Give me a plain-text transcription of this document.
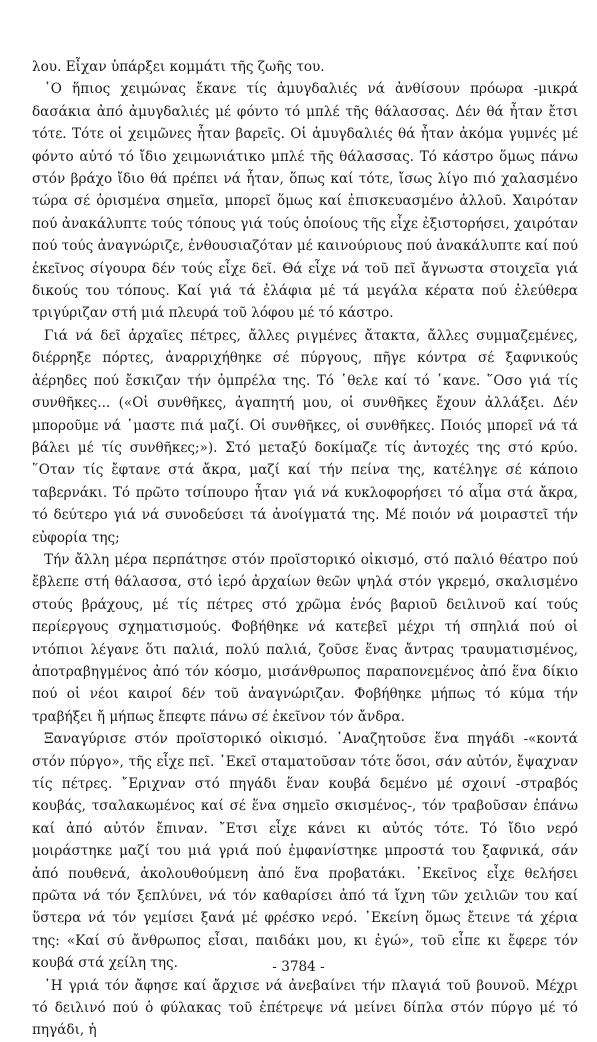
λου. Εἶχαν ὑπάρξει κομμάτι τῆς ζωῆς του.

῾Ο ἥπιος χειμώνας ἔκανε τίς ἀμυγδαλιές νά ἀνθίσουν πρόωρα -μικρά δασάκια ἀπό ἀμυγδαλιές μέ φόντο τό μπλέ τῆς θάλασσας. Δέν θά ἦταν ἔτσι τότε. Τότε οἱ χειμῶνες ἦταν βαρεῖς. Οἱ ἀμυγδαλιές θά ἦταν ἀκόμα γυμνές μέ φόντο αὐτό τό ἴδιο χειμωνιάτικο μπλέ τῆς θάλασσας. Τό κάστρο ὅμως πάνω στόν βράχο ἴδιο θά πρέπει νά ἦταν, ὅπως καί τότε, ἴσως λίγο πιό χαλασμένο τώρα σέ ὁρισμένα σημεῖα, μπορεῖ ὅμως καί ἐπισκευασμένο ἀλλοῦ. Χαιρόταν πού ἀνακάλυπτε τούς τόπους γιά τούς ὁποίους τῆς εἶχε ἐξιστορήσει, χαιρόταν πού τούς ἀναγνώριζε, ἐνθουσιαζόταν μέ καινούριους πού ἀνακάλυπτε καί πού ἐκεῖνος σίγουρα δέν τούς εἶχε δεῖ. Θά εἶχε νά τοῦ πεῖ ἄγνωστα στοιχεῖα γιά δικούς του τόπους. Καί γιά τά ἐλάφια μέ τά μεγάλα κέρατα πού ἐλεύθερα τριγύριζαν στή μιά πλευρά τοῦ λόφου μέ τό κάστρο.

Γιά νά δεῖ ἀρχαῖες πέτρες, ἄλλες ριγμένες ἄτακτα, ἄλλες συμμαζεμένες, διέρρηξε πόρτες, ἀναρριχήθηκε σέ πύργους, πῆγε κόντρα σέ ξαφνικούς ἀέρηδες πού ἔσκιζαν τήν ὀμπρέλα της. Τό ῾θελε καί τό ῾κανε. ῞Οσο γιά τίς συνθῆκες... («Οἱ συνθῆκες, ἀγαπητή μου, οἱ συνθῆκες ἔχουν ἀλλάξει. Δέν μποροῦμε νά ῾μαστε πιά μαζί. Οἱ συνθῆκες, οἱ συνθῆκες. Ποιός μπορεῖ νά τά βάλει μέ τίς συνθῆκες;»). Στό μεταξύ δοκίμαζε τίς ἀντοχές της στό κρύο. ῞Οταν τίς ἔφτανε στά ἄκρα, μαζί καί τήν πείνα της, κατέληγε σέ κάποιο ταβερνάκι. Τό πρῶτο τσίπουρο ἦταν γιά νά κυκλοφορήσει τό αἷμα στά ἄκρα, τό δεύτερο γιά νά συνοδεύσει τά ἀνοίγματά της. Μέ ποιόν νά μοιραστεῖ τήν εὐφορία της;

Τήν ἄλλη μέρα περπάτησε στόν προϊστορικό οἰκισμό, στό παλιό θέατρο πού ἔβλεπε στή θάλασσα, στό ἱερό ἀρχαίων θεῶν ψηλά στόν γκρεμό, σκαλισμένο στούς βράχους, μέ τίς πέτρες στό χρῶμα ἑνός βαριοῦ δειλινοῦ καί τούς περίεργους σχηματισμούς. Φοβήθηκε νά κατεβεῖ μέχρι τή σπηλιά πού οἱ ντόπιοι λέγανε ὅτι παλιά, πολύ παλιά, ζοῦσε ἕνας ἄντρας τραυματισμένος, ἀποτραβηγμένος ἀπό τόν κόσμο, μισάνθρωπος παραπονεμένος ἀπό ἕνα δίκιο πού οἱ νέοι καιροί δέν τοῦ ἀναγνώριζαν. Φοβήθηκε μήπως τό κύμα τήν τραβήξει ἤ μήπως ἔπεφτε πάνω σέ ἐκεῖνον τόν ἄνδρα.

Ξαναγύρισε στόν προϊστορικό οἰκισμό. ᾿Αναζητοῦσε ἕνα πηγάδι -«κοντά στόν πύργο», τῆς εἶχε πεῖ. ᾿Εκεῖ σταματοῦσαν τότε ὅσοι, σάν αὐτόν, ἔψαχναν τίς πέτρες. ῎Εριχναν στό πηγάδι ἕναν κουβά δεμένο μέ σχοινί -στραβός κουβάς, τσαλακωμένος καί σέ ἕνα σημεῖο σκισμένος-, τόν τραβοῦσαν ἐπάνω καί ἀπό αὐτόν ἔπιναν. ῎Ετσι εἶχε κάνει κι αὐτός τότε. Τό ἴδιο νερό μοιράστηκε μαζί του μιά γριά πού ἐμφανίστηκε μπροστά του ξαφνικά, σάν ἀπό πουθενά, ἀκολουθούμενη ἀπό ἕνα προβατάκι. ᾿Εκεῖνος εἶχε θελήσει πρῶτα νά τόν ξεπλύνει, νά τόν καθαρίσει ἀπό τά ἴχνη τῶν χειλιῶν του καί ὕστερα νά τόν γεμίσει ξανά μέ φρέσκο νερό. ᾿Εκείνη ὅμως ἔτεινε τά χέρια της: «Καί σύ ἄνθρωπος εἶσαι, παιδάκι μου, κι ἐγώ», τοῦ εἶπε κι ἔφερε τόν κουβά στά χείλη της.

῾Η γριά τόν ἄφησε καί ἄρχισε νά ἀνεβαίνει τήν πλαγιά τοῦ βουνοῦ. Μέχρι τό δειλινό πού ὁ φύλακας τοῦ ἐπέτρεψε νά μείνει δίπλα στόν πύργο μέ τό πηγάδι, ἡ

- 3784 -
